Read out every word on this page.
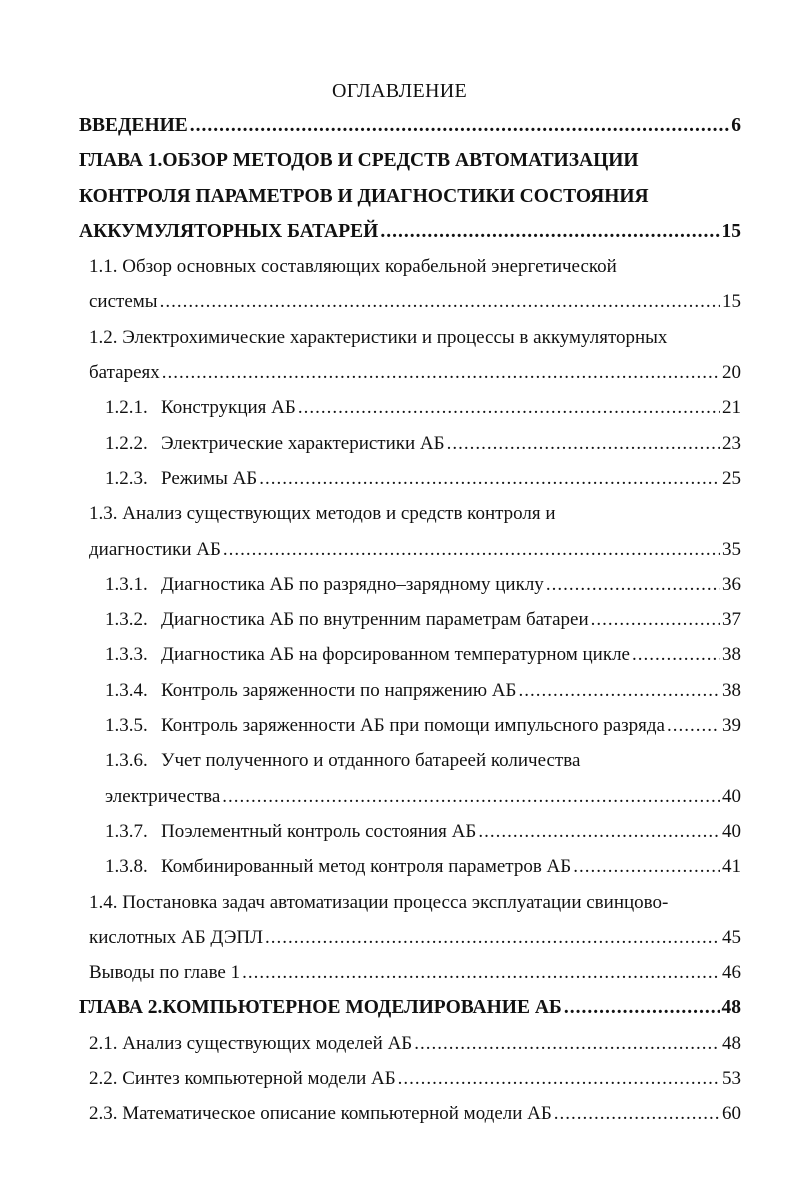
ОГЛАВЛЕНИЕ
ВВЕДЕНИЕ .....	6
ГЛАВА 1.ОБЗОР МЕТОДОВ И СРЕДСТВ АВТОМАТИЗАЦИИ
КОНТРОЛЯ ПАРАМЕТРОВ И ДИАГНОСТИКИ СОСТОЯНИЯ
АККУМУЛЯТОРНЫХ БАТАРЕЙ .....	15
1.1. Обзор основных составляющих корабельной энергетической
системы .....	15
1.2. Электрохимические характеристики и процессы в аккумуляторных
батареях .....	20
1.2.1. Конструкция АБ .....	21
1.2.2. Электрические характеристики АБ .....	23
1.2.3. Режимы АБ .....	25
1.3. Анализ существующих методов и средств контроля и
диагностики АБ .....	35
1.3.1. Диагностика АБ по разрядно–зарядному циклу .....	36
1.3.2. Диагностика АБ по внутренним параметрам батареи .....	37
1.3.3. Диагностика АБ на форсированном температурном цикле .....	38
1.3.4. Контроль заряженности по напряжению АБ .....	38
1.3.5. Контроль заряженности АБ при помощи импульсного разряда .....	39
1.3.6. Учет полученного и отданного батареей количества
электричества .....	40
1.3.7. Поэлементный контроль состояния АБ .....	40
1.3.8. Комбинированный метод контроля параметров АБ .....	41
1.4. Постановка задач автоматизации процесса эксплуатации свинцово-
кислотных АБ ДЭПЛ .....	45
Выводы по главе 1 .....	46
ГЛАВА 2.КОМПЬЮТЕРНОЕ МОДЕЛИРОВАНИЕ АБ .....	48
2.1. Анализ существующих моделей АБ .....	48
2.2. Синтез компьютерной модели АБ .....	53
2.3. Математическое описание компьютерной модели АБ .....	60
